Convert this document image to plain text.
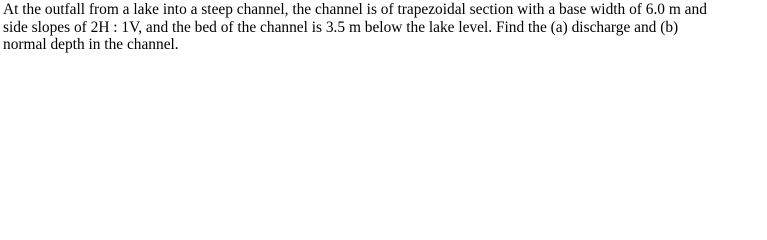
At the outfall from a lake into a steep channel, the channel is of trapezoidal section with a base width of 6.0 m and
side slopes of 2H : 1V, and the bed of the channel is 3.5 m below the lake level. Find the (a) discharge and (b)
normal depth in the channel.
